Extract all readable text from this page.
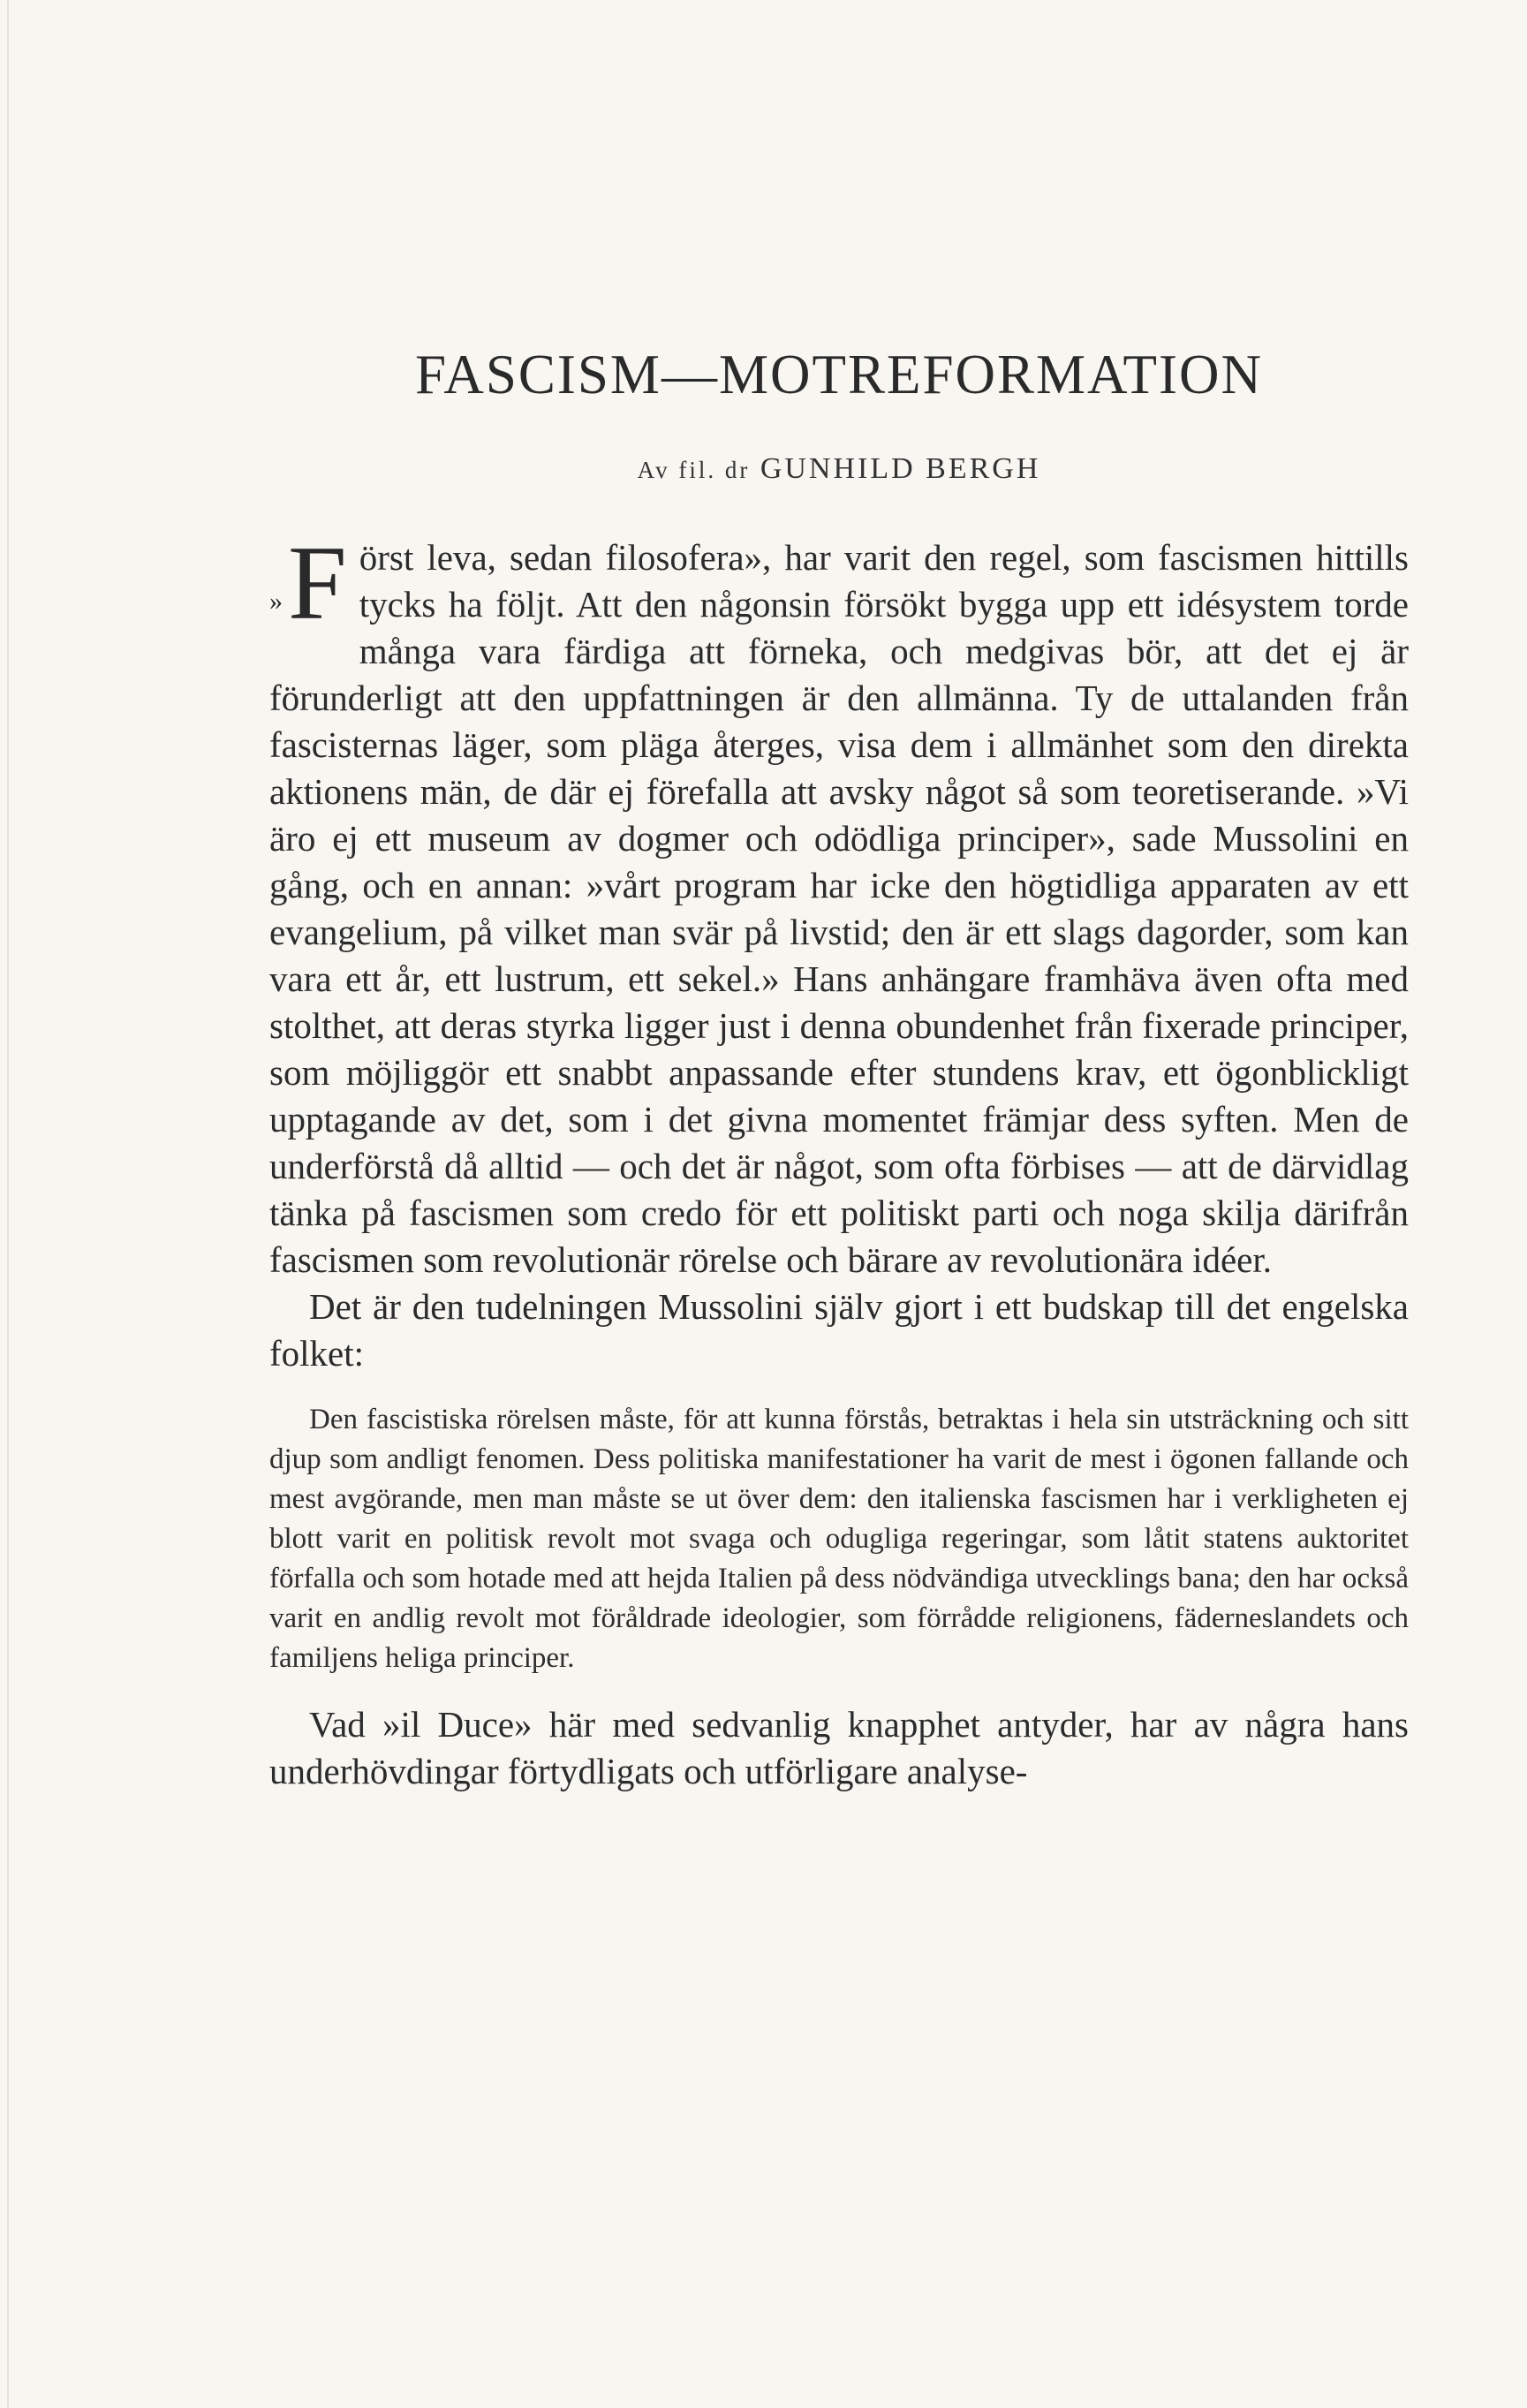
FASCISM—MOTREFORMATION
Av fil. dr GUNHILD BERGH

»F örst leva, sedan filosofera», har varit den regel, som fascismen hittills tycks ha följt. Att den någonsin försökt bygga upp ett idésystem torde många vara färdiga att förneka, och medgivas bör, att det ej är förunderligt att den uppfattningen är den allmänna. Ty de uttalanden från fascisternas läger, som pläga återges, visa dem i allmänhet som den direkta aktionens män, de där ej förefalla att avsky något så som teoretiserande. »Vi äro ej ett museum av dogmer och odödliga principer», sade Mussolini en gång, och en annan: »vårt program har icke den högtidliga apparaten av ett evangelium, på vilket man svär på livstid; den är ett slags dagorder, som kan vara ett år, ett lustrum, ett sekel.» Hans anhängare framhäva även ofta med stolthet, att deras styrka ligger just i denna obundenhet från fixerade principer, som möjliggör ett snabbt anpassande efter stundens krav, ett ögonblickligt upptagande av det, som i det givna momentet främjar dess syften. Men de underförstå då alltid — och det är något, som ofta förbises — att de därvidlag tänka på fascismen som credo för ett politiskt parti och noga skilja därifrån fascismen som revolutionär rörelse och bärare av revolutionära idéer.

Det är den tudelningen Mussolini själv gjort i ett budskap till det engelska folket:

Den fascistiska rörelsen måste, för att kunna förstås, betraktas i hela sin utsträckning och sitt djup som andligt fenomen. Dess politiska manifestationer ha varit de mest i ögonen fallande och mest avgörande, men man måste se ut över dem: den italienska fascismen har i verkligheten ej blott varit en politisk revolt mot svaga och odugliga regeringar, som låtit statens auktoritet förfalla och som hotade med att hejda Italien på dess nödvändiga utvecklings bana; den har också varit en andlig revolt mot föråldrade ideologier, som förrådde religionens, fäderneslandets och familjens heliga principer.

Vad »il Duce» här med sedvanlig knapphet antyder, har av några hans underhövdingar förtydligats och utförligare analyse-
